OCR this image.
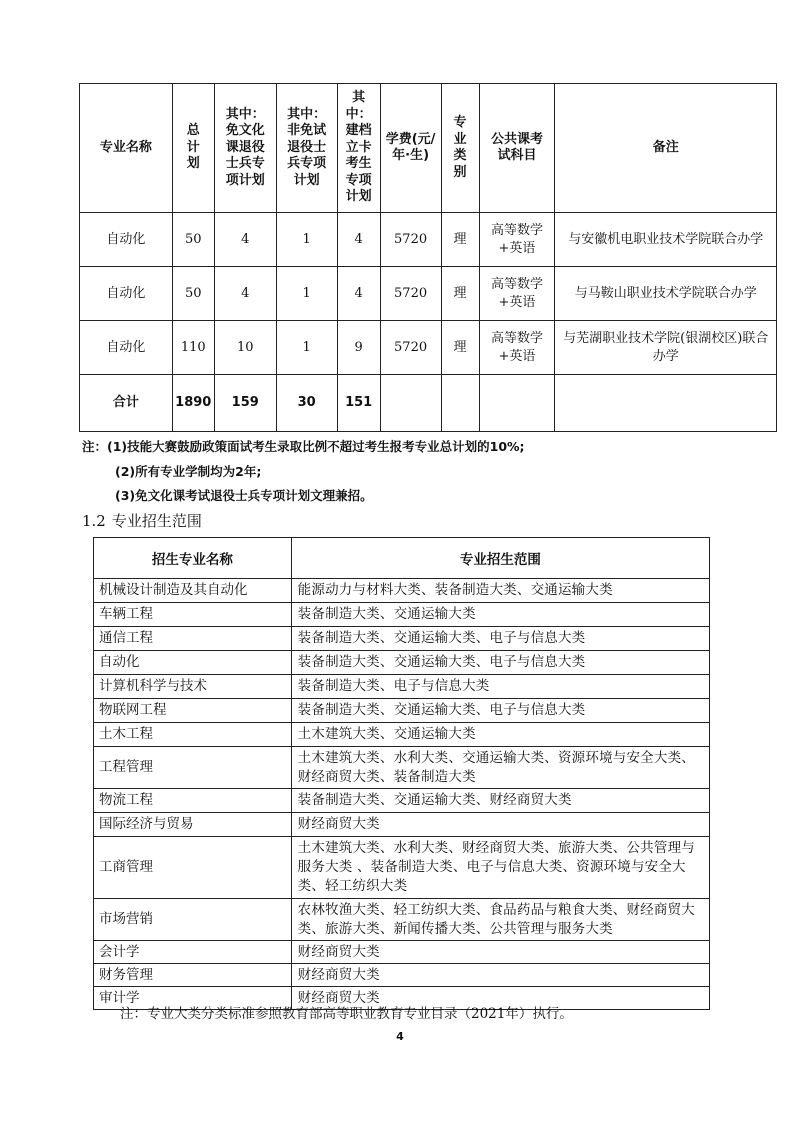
专业名称	总计划	其中：免文化课退役士兵专项计划	其中：非免试退役士兵专项计划	其中：建档立卡考生专项计划	学费(元/年·生)	专业类别	公共课考试科目	备注
自动化	50	4	1	4	5720	理	高等数学+英语	与安徽机电职业技术学院联合办学
自动化	50	4	1	4	5720	理	高等数学+英语	与马鞍山职业技术学院联合办学
自动化	110	10	1	9	5720	理	高等数学+英语	与芜湖职业技术学院(银湖校区)联合办学
合计	1890	159	30	151				
注：(1)技能大赛鼓励政策面试考生录取比例不超过考生报考专业总计划的10%;
(2)所有专业学制均为2年;
(3)免文化课考试退役士兵专项计划文理兼招。
1.2 专业招生范围
招生专业名称	专业招生范围
机械设计制造及其自动化	能源动力与材料大类、装备制造大类、交通运输大类
车辆工程	装备制造大类、交通运输大类
通信工程	装备制造大类、交通运输大类、电子与信息大类
自动化	装备制造大类、交通运输大类、电子与信息大类
计算机科学与技术	装备制造大类、电子与信息大类
物联网工程	装备制造大类、交通运输大类、电子与信息大类
土木工程	土木建筑大类、交通运输大类
工程管理	土木建筑大类、水利大类、交通运输大类、资源环境与安全大类、财经商贸大类、装备制造大类
物流工程	装备制造大类、交通运输大类、财经商贸大类
国际经济与贸易	财经商贸大类
工商管理	土木建筑大类、水利大类、财经商贸大类、旅游大类、公共管理与服务大类 、装备制造大类、电子与信息大类、资源环境与安全大类、轻工纺织大类
市场营销	农林牧渔大类、轻工纺织大类、食品药品与粮食大类、财经商贸大类、旅游大类、新闻传播大类、公共管理与服务大类
会计学	财经商贸大类
财务管理	财经商贸大类
审计学	财经商贸大类
注：专业大类分类标准参照教育部高等职业教育专业目录（2021年）执行。
4
